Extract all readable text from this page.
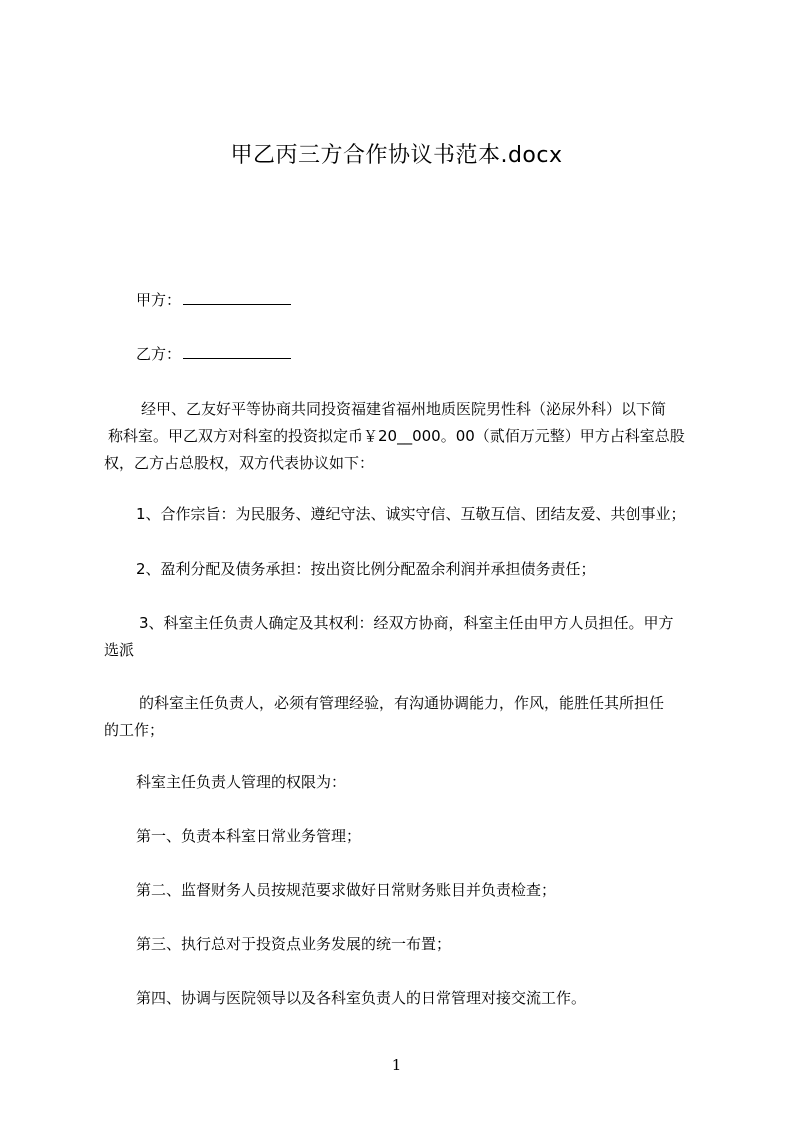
甲乙丙三方合作协议书范本.docx
甲方：
乙方：
经甲、乙友好平等协商共同投资福建省福州地质医院男性科（泌尿外科）以下简
称科室。甲乙双方对科室的投资拟定币￥20__000。00（贰佰万元整）甲方占科室总股
权，乙方占总股权，双方代表协议如下：
1、合作宗旨：为民服务、遵纪守法、诚实守信、互敬互信、团结友爱、共创事业；
2、盈利分配及债务承担：按出资比例分配盈余利润并承担债务责任；
3、科室主任负责人确定及其权利：经双方协商，科室主任由甲方人员担任。甲方
选派
的科室主任负责人，必须有管理经验，有沟通协调能力，作风，能胜任其所担任
的工作；
科室主任负责人管理的权限为：
第一、负责本科室日常业务管理；
第二、监督财务人员按规范要求做好日常财务账目并负责检查；
第三、执行总对于投资点业务发展的统一布置；
第四、协调与医院领导以及各科室负责人的日常管理对接交流工作。
1
